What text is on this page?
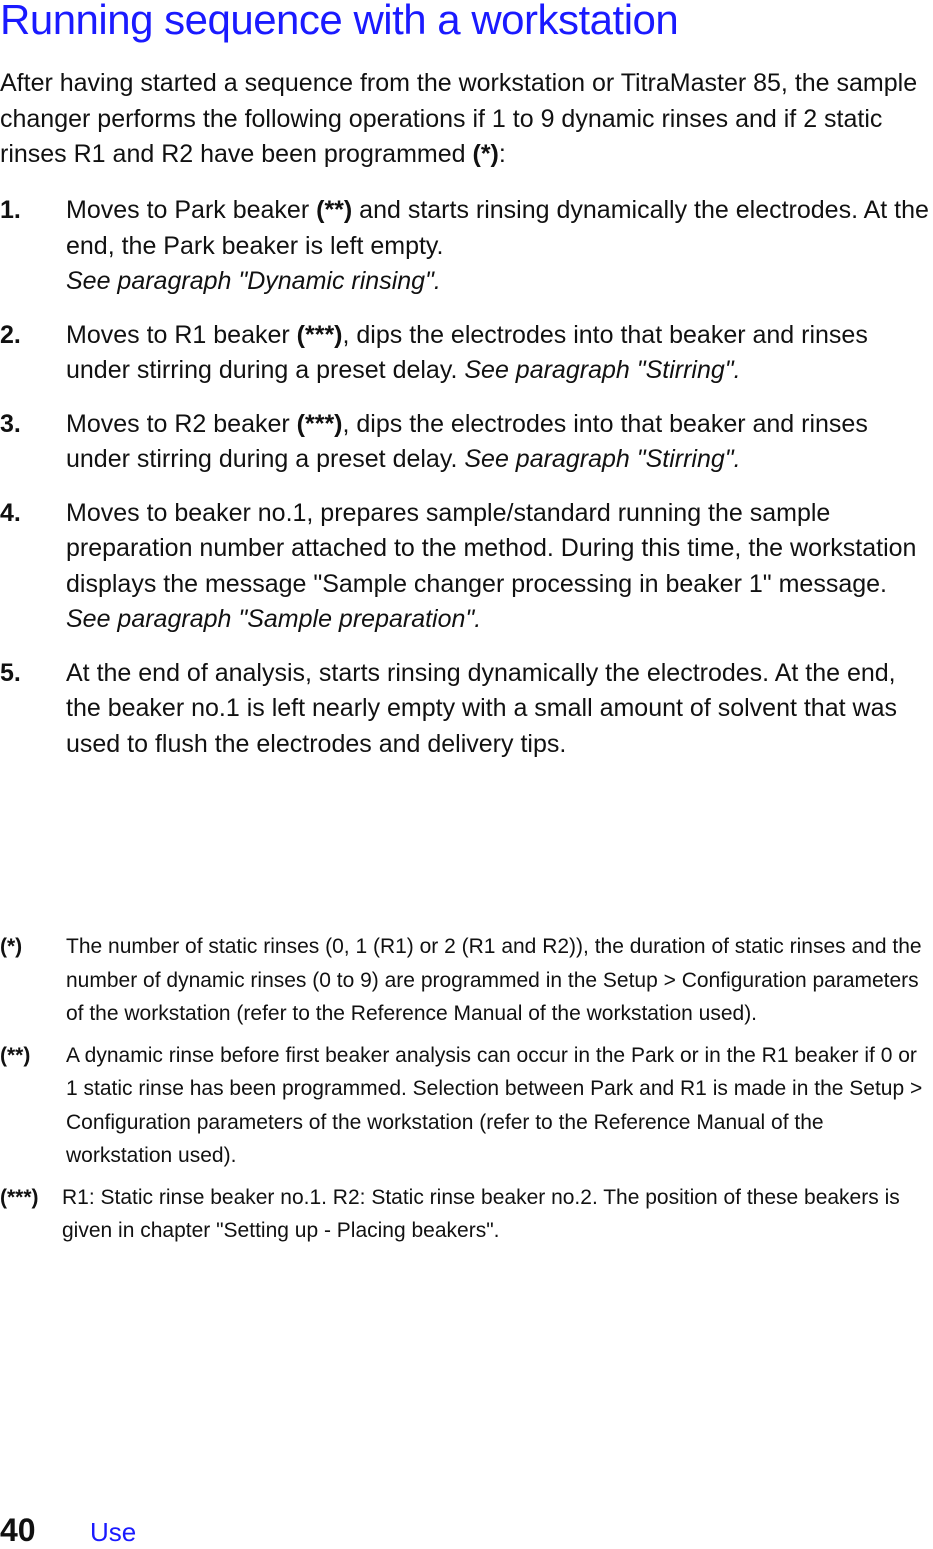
Running sequence with a workstation

After having started a sequence from the workstation or TitraMaster 85, the sample changer performs the following operations if 1 to 9 dynamic rinses and if 2 static rinses R1 and R2 have been programmed (*):

1.	Moves to Park beaker (**) and starts rinsing dynamically the electrodes. At the end, the Park beaker is left empty.
See paragraph "Dynamic rinsing".
2.	Moves to R1 beaker (***), dips the electrodes into that beaker and rinses under stirring during a preset delay. See paragraph "Stirring".
3.	Moves to R2 beaker (***), dips the electrodes into that beaker and rinses under stirring during a preset delay. See paragraph "Stirring".
4.	Moves to beaker no.1, prepares sample/standard running the sample preparation number attached to the method. During this time, the workstation displays the message "Sample changer processing in beaker 1" message.
See paragraph "Sample preparation".
5.	At the end of analysis, starts rinsing dynamically the electrodes. At the end, the beaker no.1 is left nearly empty with a small amount of solvent that was used to flush the electrodes and delivery tips.
(*)	The number of static rinses (0, 1 (R1) or 2 (R1 and R2)), the duration of static rinses and the number of dynamic rinses (0 to 9) are programmed in the Setup > Configuration parameters of the workstation (refer to the Reference Manual of the workstation used).
(**)	A dynamic rinse before first beaker analysis can occur in the Park or in the R1 beaker if 0 or 1 static rinse has been programmed. Selection between Park and R1 is made in the Setup > Configuration parameters of the workstation (refer to the Reference Manual of the workstation used).
(***)	R1: Static rinse beaker no.1. R2: Static rinse beaker no.2. The position of these beakers is given in chapter "Setting up - Placing beakers".
40	Use
